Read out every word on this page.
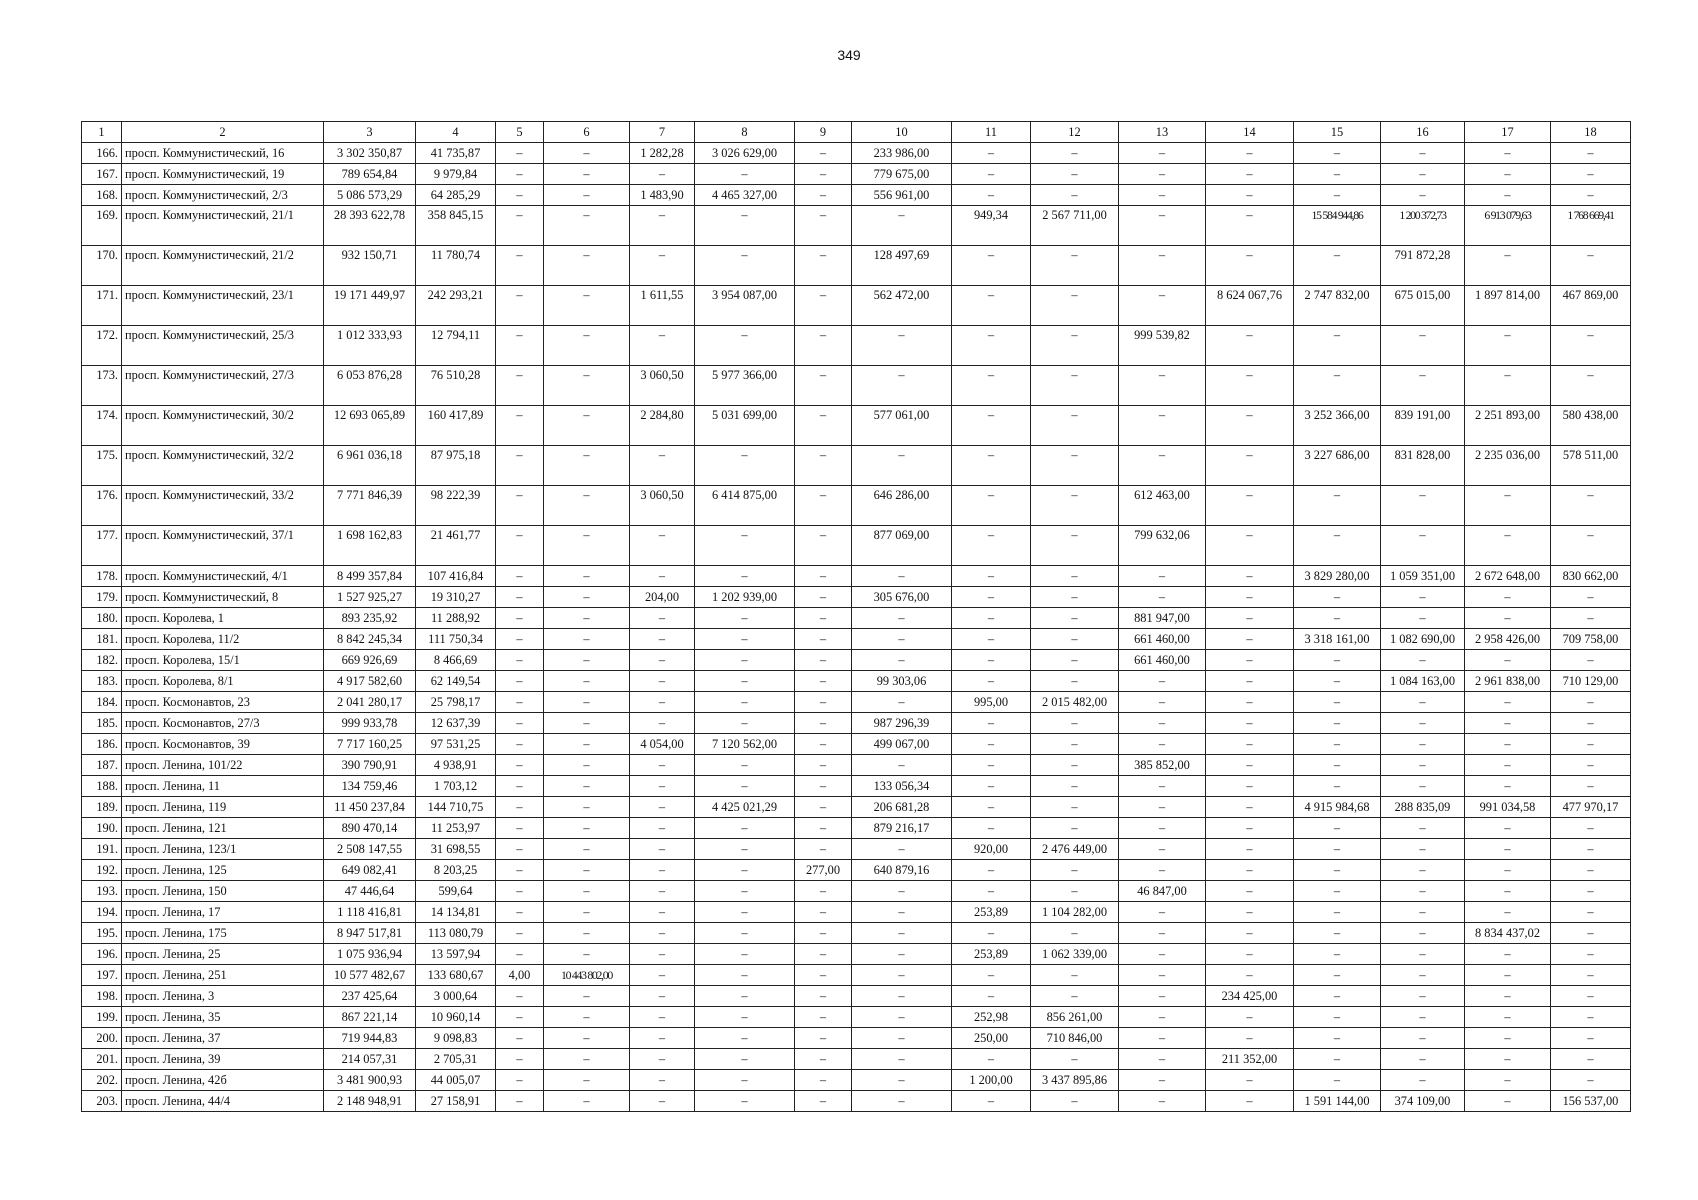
349
1	2	3	4	5	6	7	8	9	10	11	12	13	14	15	16	17	18
166.	просп. Коммунистический, 16	3 302 350,87	41 735,87	–	–	1 282,28	3 026 629,00	–	233 986,00	–	–	–	–	–	–	–	–
167.	просп. Коммунистический, 19	789 654,84	9 979,84	–	–	–	–	–	779 675,00	–	–	–	–	–	–	–	–
168.	просп. Коммунистический, 2/3	5 086 573,29	64 285,29	–	–	1 483,90	4 465 327,00	–	556 961,00	–	–	–	–	–	–	–	–
169.	просп. Коммунистический, 21/1	28 393 622,78	358 845,15	–	–	–	–	–	–	949,34	2 567 711,00	–	–	15 584 944,86	1 200 372,73	6 913 079,63	1 768 669,41
170.	просп. Коммунистический, 21/2	932 150,71	11 780,74	–	–	–	–	–	128 497,69	–	–	–	–	–	791 872,28	–	–
171.	просп. Коммунистический, 23/1	19 171 449,97	242 293,21	–	–	1 611,55	3 954 087,00	–	562 472,00	–	–	–	8 624 067,76	2 747 832,00	675 015,00	1 897 814,00	467 869,00
172.	просп. Коммунистический, 25/3	1 012 333,93	12 794,11	–	–	–	–	–	–	–	–	999 539,82	–	–	–	–	–
173.	просп. Коммунистический, 27/3	6 053 876,28	76 510,28	–	–	3 060,50	5 977 366,00	–	–	–	–	–	–	–	–	–	–
174.	просп. Коммунистический, 30/2	12 693 065,89	160 417,89	–	–	2 284,80	5 031 699,00	–	577 061,00	–	–	–	–	3 252 366,00	839 191,00	2 251 893,00	580 438,00
175.	просп. Коммунистический, 32/2	6 961 036,18	87 975,18	–	–	–	–	–	–	–	–	–	–	3 227 686,00	831 828,00	2 235 036,00	578 511,00
176.	просп. Коммунистический, 33/2	7 771 846,39	98 222,39	–	–	3 060,50	6 414 875,00	–	646 286,00	–	–	612 463,00	–	–	–	–	–
177.	просп. Коммунистический, 37/1	1 698 162,83	21 461,77	–	–	–	–	–	877 069,00	–	–	799 632,06	–	–	–	–	–
178.	просп. Коммунистический, 4/1	8 499 357,84	107 416,84	–	–	–	–	–	–	–	–	–	–	3 829 280,00	1 059 351,00	2 672 648,00	830 662,00
179.	просп. Коммунистический, 8	1 527 925,27	19 310,27	–	–	204,00	1 202 939,00	–	305 676,00	–	–	–	–	–	–	–	–
180.	просп. Королева, 1	893 235,92	11 288,92	–	–	–	–	–	–	–	–	881 947,00	–	–	–	–	–
181.	просп. Королева, 11/2	8 842 245,34	111 750,34	–	–	–	–	–	–	–	–	661 460,00	–	3 318 161,00	1 082 690,00	2 958 426,00	709 758,00
182.	просп. Королева, 15/1	669 926,69	8 466,69	–	–	–	–	–	–	–	–	661 460,00	–	–	–	–	–
183.	просп. Королева, 8/1	4 917 582,60	62 149,54	–	–	–	–	–	99 303,06	–	–	–	–	–	1 084 163,00	2 961 838,00	710 129,00
184.	просп. Космонавтов, 23	2 041 280,17	25 798,17	–	–	–	–	–	–	995,00	2 015 482,00	–	–	–	–	–	–
185.	просп. Космонавтов, 27/3	999 933,78	12 637,39	–	–	–	–	–	987 296,39	–	–	–	–	–	–	–	–
186.	просп. Космонавтов, 39	7 717 160,25	97 531,25	–	–	4 054,00	7 120 562,00	–	499 067,00	–	–	–	–	–	–	–	–
187.	просп. Ленина, 101/22	390 790,91	4 938,91	–	–	–	–	–	–	–	–	385 852,00	–	–	–	–	–
188.	просп. Ленина, 11	134 759,46	1 703,12	–	–	–	–	–	133 056,34	–	–	–	–	–	–	–	–
189.	просп. Ленина, 119	11 450 237,84	144 710,75	–	–	–	4 425 021,29	–	206 681,28	–	–	–	–	4 915 984,68	288 835,09	991 034,58	477 970,17
190.	просп. Ленина, 121	890 470,14	11 253,97	–	–	–	–	–	879 216,17	–	–	–	–	–	–	–	–
191.	просп. Ленина, 123/1	2 508 147,55	31 698,55	–	–	–	–	–	–	920,00	2 476 449,00	–	–	–	–	–	–
192.	просп. Ленина, 125	649 082,41	8 203,25	–	–	–	–	277,00	640 879,16	–	–	–	–	–	–	–	–
193.	просп. Ленина, 150	47 446,64	599,64	–	–	–	–	–	–	–	–	46 847,00	–	–	–	–	–
194.	просп. Ленина, 17	1 118 416,81	14 134,81	–	–	–	–	–	–	253,89	1 104 282,00	–	–	–	–	–	–
195.	просп. Ленина, 175	8 947 517,81	113 080,79	–	–	–	–	–	–	–	–	–	–	–	–	8 834 437,02	–
196.	просп. Ленина, 25	1 075 936,94	13 597,94	–	–	–	–	–	–	253,89	1 062 339,00	–	–	–	–	–	–
197.	просп. Ленина, 251	10 577 482,67	133 680,67	4,00	10 443 802,00	–	–	–	–	–	–	–	–	–	–	–	–
198.	просп. Ленина, 3	237 425,64	3 000,64	–	–	–	–	–	–	–	–	–	234 425,00	–	–	–	–
199.	просп. Ленина, 35	867 221,14	10 960,14	–	–	–	–	–	–	252,98	856 261,00	–	–	–	–	–	–
200.	просп. Ленина, 37	719 944,83	9 098,83	–	–	–	–	–	–	250,00	710 846,00	–	–	–	–	–	–
201.	просп. Ленина, 39	214 057,31	2 705,31	–	–	–	–	–	–	–	–	–	211 352,00	–	–	–	–
202.	просп. Ленина, 42б	3 481 900,93	44 005,07	–	–	–	–	–	–	1 200,00	3 437 895,86	–	–	–	–	–	–
203.	просп. Ленина, 44/4	2 148 948,91	27 158,91	–	–	–	–	–	–	–	–	–	–	1 591 144,00	374 109,00	–	156 537,00
